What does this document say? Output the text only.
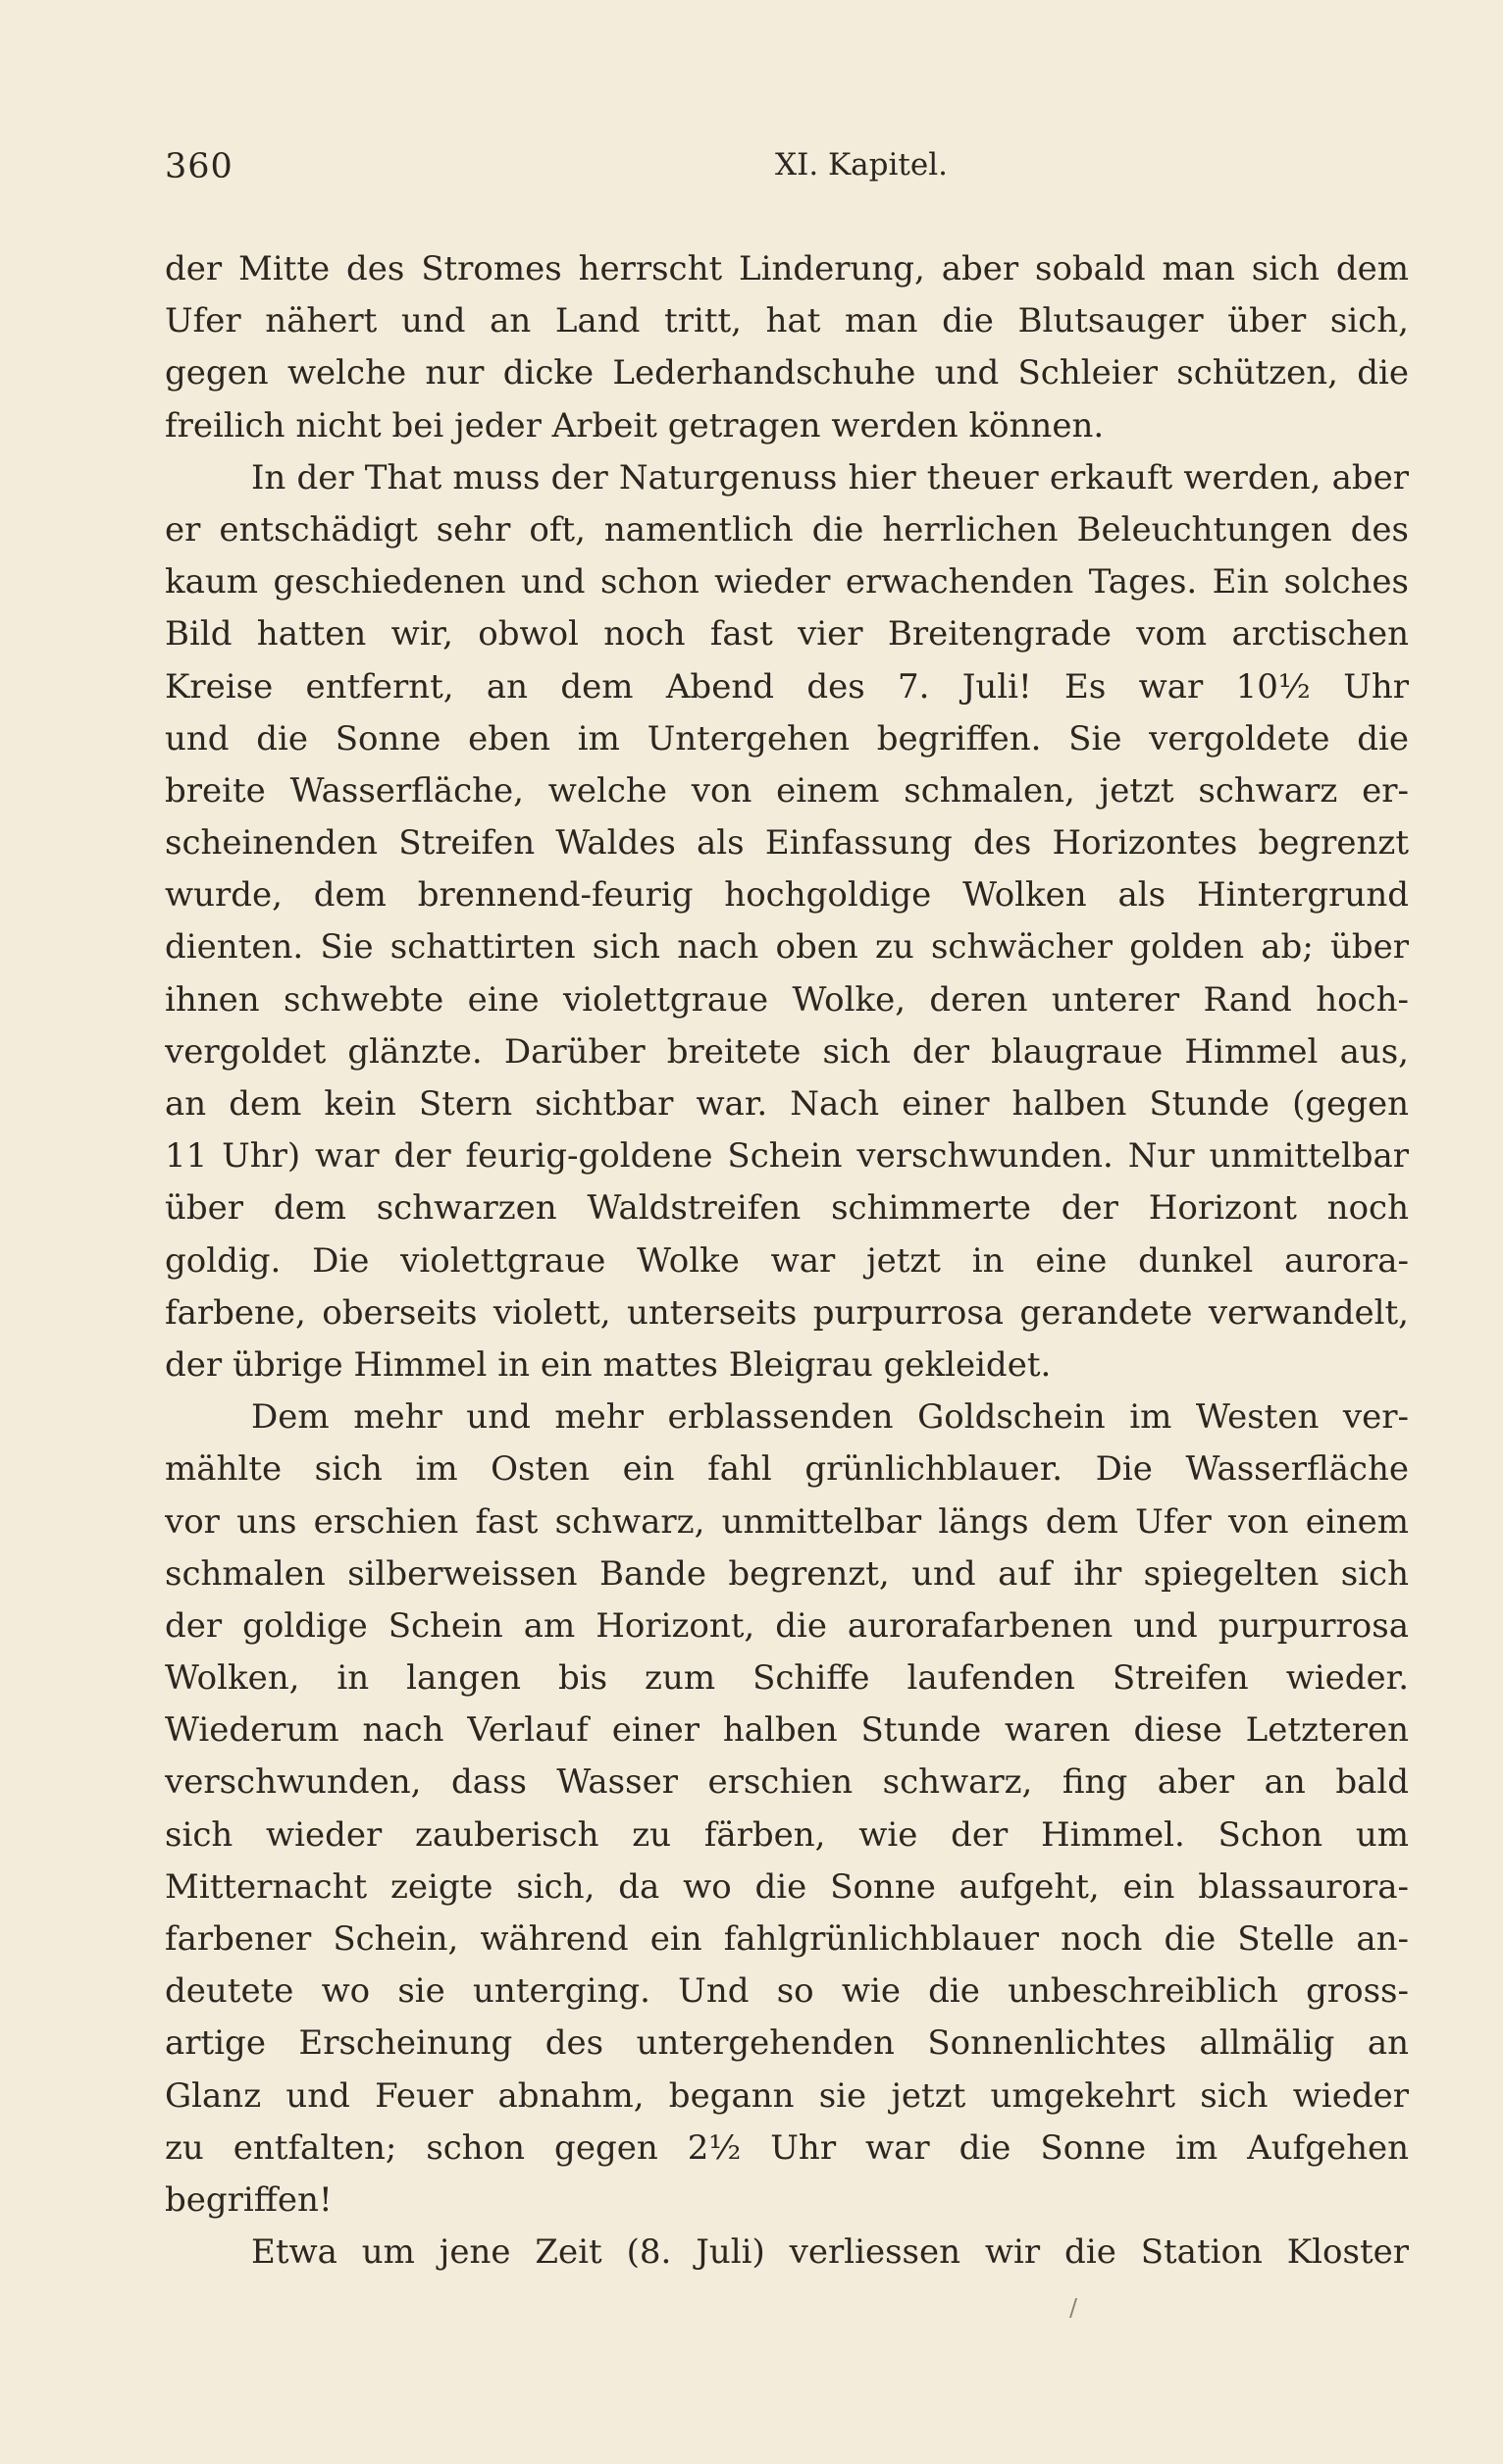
360	XI. Kapitel.
der Mitte des Stromes herrscht Linderung, aber sobald man sich dem
Ufer nähert und an Land tritt, hat man die Blutsauger über sich,
gegen welche nur dicke Lederhandschuhe und Schleier schützen, die
freilich nicht bei jeder Arbeit getragen werden können.
In der That muss der Naturgenuss hier theuer erkauft werden, aber
er entschädigt sehr oft, namentlich die herrlichen Beleuchtungen des
kaum geschiedenen und schon wieder erwachenden Tages. Ein solches
Bild hatten wir, obwol noch fast vier Breitengrade vom arctischen
Kreise entfernt, an dem Abend des 7. Juli! Es war 10½ Uhr
und die Sonne eben im Untergehen begriffen. Sie vergoldete die
breite Wasserfläche, welche von einem schmalen, jetzt schwarz er-
scheinenden Streifen Waldes als Einfassung des Horizontes begrenzt
wurde, dem brennend-feurig hochgoldige Wolken als Hintergrund
dienten. Sie schattirten sich nach oben zu schwächer golden ab; über
ihnen schwebte eine violettgraue Wolke, deren unterer Rand hoch-
vergoldet glänzte. Darüber breitete sich der blaugraue Himmel aus,
an dem kein Stern sichtbar war. Nach einer halben Stunde (gegen
11 Uhr) war der feurig-goldene Schein verschwunden. Nur unmittelbar
über dem schwarzen Waldstreifen schimmerte der Horizont noch
goldig. Die violettgraue Wolke war jetzt in eine dunkel aurora-
farbene, oberseits violett, unterseits purpurrosa gerandete verwandelt,
der übrige Himmel in ein mattes Bleigrau gekleidet.
Dem mehr und mehr erblassenden Goldschein im Westen ver-
mählte sich im Osten ein fahl grünlichblauer. Die Wasserfläche
vor uns erschien fast schwarz, unmittelbar längs dem Ufer von einem
schmalen silberweissen Bande begrenzt, und auf ihr spiegelten sich
der goldige Schein am Horizont, die aurorafarbenen und purpurrosa
Wolken, in langen bis zum Schiffe laufenden Streifen wieder.
Wiederum nach Verlauf einer halben Stunde waren diese Letzteren
verschwunden, dass Wasser erschien schwarz, fing aber an bald
sich wieder zauberisch zu färben, wie der Himmel. Schon um
Mitternacht zeigte sich, da wo die Sonne aufgeht, ein blassaurora-
farbener Schein, während ein fahlgrünlichblauer noch die Stelle an-
deutete wo sie unterging. Und so wie die unbeschreiblich gross-
artige Erscheinung des untergehenden Sonnenlichtes allmälig an
Glanz und Feuer abnahm, begann sie jetzt umgekehrt sich wieder
zu entfalten; schon gegen 2½ Uhr war die Sonne im Aufgehen
begriffen!
Etwa um jene Zeit (8. Juli) verliessen wir die Station Kloster
/
